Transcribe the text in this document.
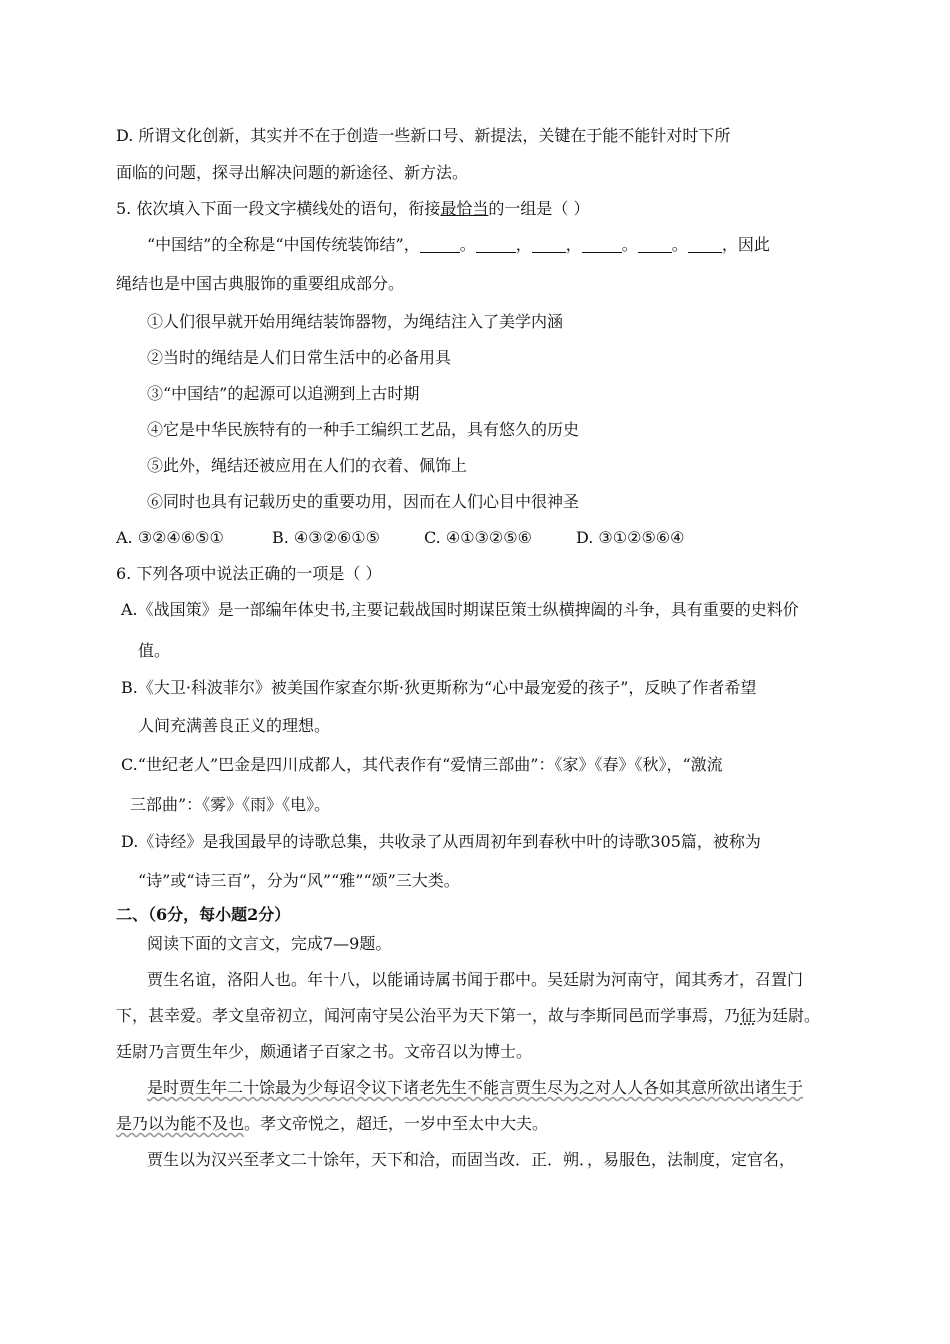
D. 所谓文化创新，其实并不在于创造一些新口号、新提法，关键在于能不能针对时下所
面临的问题，探寻出解决问题的新途径、新方法。
5. 依次填入下面一段文字横线处的语句，衔接最恰当的一组是（ ）
“中国结”的全称是“中国传统装饰结”，	。	， ，	。 。 ，因此
绳结也是中国古典服饰的重要组成部分。
①人们很早就开始用绳结装饰器物，为绳结注入了美学内涵
②当时的绳结是人们日常生活中的必备用具
③“中国结”的起源可以追溯到上古时期
④它是中华民族特有的一种手工编织工艺品，具有悠久的历史
⑤此外，绳结还被应用在人们的衣着、佩饰上
⑥同时也具有记载历史的重要功用，因而在人们心目中很神圣
A. ③②④⑥⑤①	B. ④③②⑥①⑤	C. ④①③②⑤⑥	D. ③①②⑤⑥④
6. 下列各项中说法正确的一项是（ ）
A.《战国策》是一部编年体史书,主要记载战国时期谋臣策士纵横捭阖的斗争，具有重要的史料价
值。
B.《大卫·科波菲尔》被美国作家查尔斯·狄更斯称为“心中最宠爱的孩子”，反映了作者希望
人间充满善良正义的理想。
C.“世纪老人”巴金是四川成都人，其代表作有“爱情三部曲”：《家》《春》《秋》，“激流
三部曲”：《雾》《雨》《电》。
D.《诗经》是我国最早的诗歌总集，共收录了从西周初年到春秋中叶的诗歌305篇，被称为
“诗”或“诗三百”，分为“风”“雅”“颂”三大类。
二、（6分，每小题2分）
阅读下面的文言文，完成7—9题。
贾生名谊，洛阳人也。年十八，以能诵诗属书闻于郡中。吴廷尉为河南守，闻其秀才，召置门
下，甚幸爱。孝文皇帝初立，闻河南守吴公治平为天下第一，故与李斯同邑而学事焉，乃征为廷尉。
廷尉乃言贾生年少，颇通诸子百家之书。文帝召以为博士。
是时贾生年二十馀最为少每诏令议下诸老先生不能言贾生尽为之对人人各如其意所欲出诸生于
是乃以为能不及也。孝文帝悦之，超迁，一岁中至太中大夫。
贾生以为汉兴至孝文二十馀年，天下和洽，而固当改．正．朔．，易服色，法制度，定官名，
